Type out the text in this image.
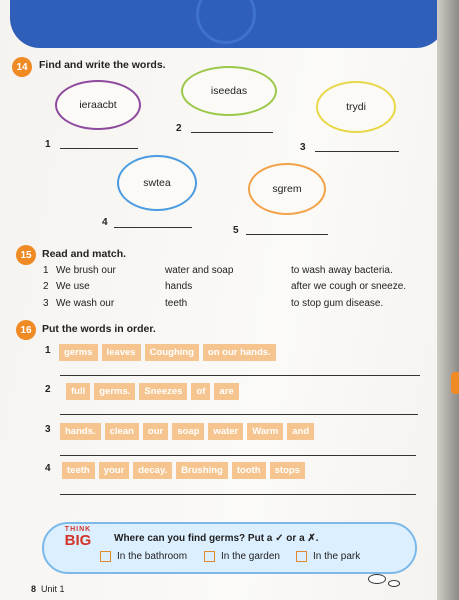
14	Find and write the words.
ieraacbt
iseedas
trydi
swtea	sgrem
1
2
3
4
5
15 Read and match.
1 We brush our	water and soap	to wash away bacteria.
2 We use	hands	after we cough or sneeze.
3 We wash our	teeth	to stop gum disease.
16 Put the words in order.
1	germs leaves Coughing on our hands.
2	full germs. Sneezes of are
3	hands. clean our soap water Warm and
4	teeth your decay. Brushing tooth stops
THINK
BIG	Where can you find germs? Put a ✓ or a ✗.
In the bathroom	In the garden	In the park
8 Unit 1
